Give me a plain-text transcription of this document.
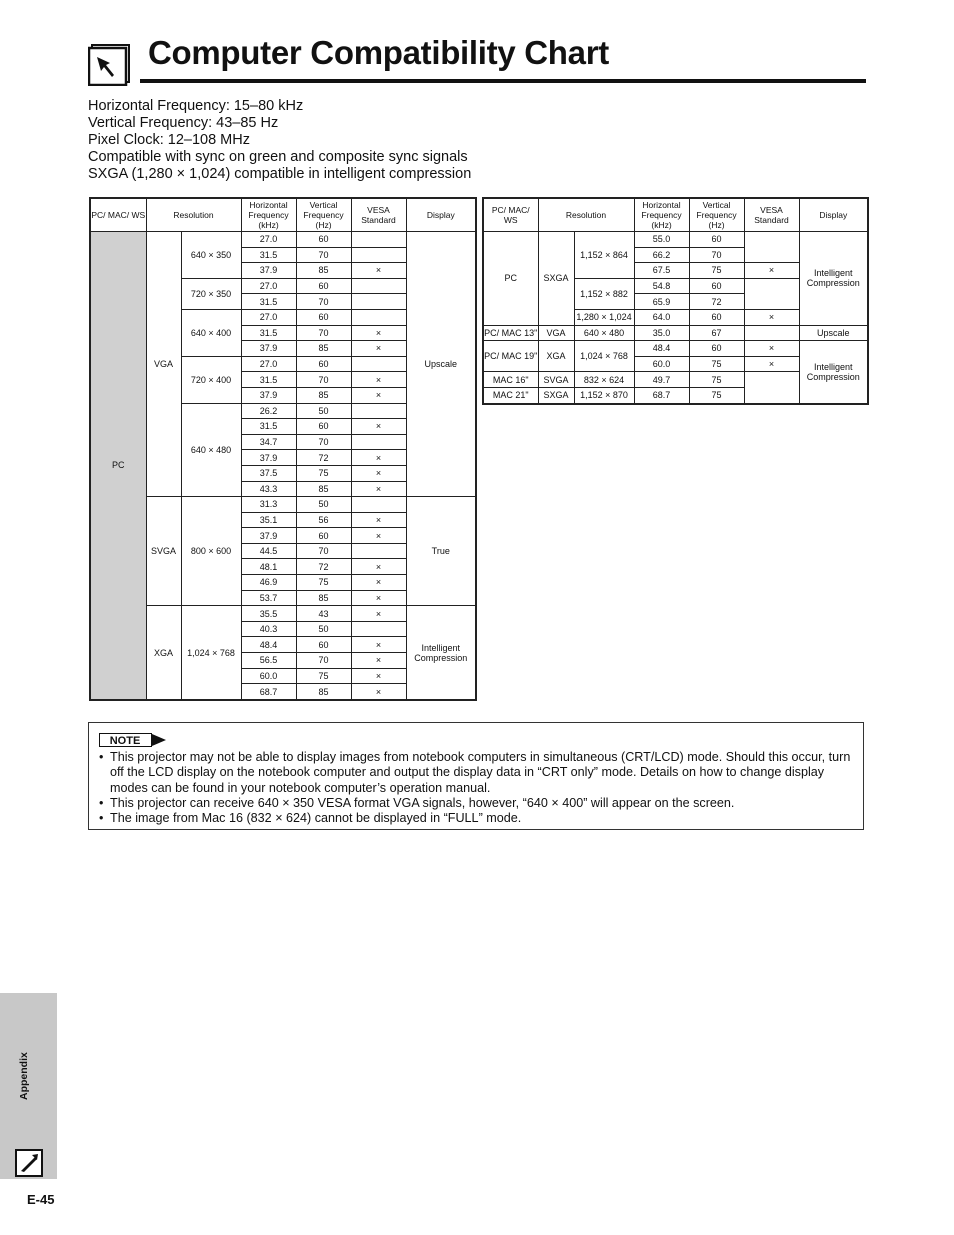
Computer Compatibility Chart
Horizontal Frequency: 15–80 kHz
Vertical Frequency: 43–85 Hz
Pixel Clock: 12–108 MHz
Compatible with sync on green and composite sync signals
SXGA (1,280 × 1,024) compatible in intelligent compression
PC/ MAC/ WS	Resolution		Horizontal Frequency (kHz)	Vertical Frequency (Hz)	VESA Standard	Display
PC	VGA	640 × 350	27.0	60		Upscale
			31.5	70		
			37.9	85	×	
		720 × 350	27.0	60		
			31.5	70		
		640 × 400	27.0	60		
			31.5	70	×	
			37.9	85	×	
		720 × 400	27.0	60		
			31.5	70	×	
			37.9	85	×	
		640 × 480	26.2	50		
			31.5	60	×	
			34.7	70		
			37.9	72	×	
			37.5	75	×	
			43.3	85	×	
	SVGA	800 × 600	31.3	50		True
			35.1	56	×	
			37.9	60	×	
			44.5	70		
			48.1	72	×	
			46.9	75	×	
			53.7	85	×	
	XGA	1,024 × 768	35.5	43	×	Intelligent Compression
			40.3	50		
			48.4	60	×	
			56.5	70	×	
			60.0	75	×	
			68.7	85	×	
PC/ MAC/ WS	Resolution		Horizontal Frequency (kHz)	Vertical Frequency (Hz)	VESA Standard	Display
PC	SXGA	1,152 × 864	55.0	60		Intelligent Compression
			66.2	70		
			67.5	75	×	
		1,152 × 882	54.8	60		
			65.9	72		
		1,280 × 1,024	64.0	60	×	
PC/ MAC 13"	VGA	640 × 480	35.0	67		Upscale
PC/ MAC 19"	XGA	1,024 × 768	48.4	60	×	Intelligent Compression
			60.0	75	×	
MAC 16"	SVGA	832 × 624	49.7	75		
MAC 21"	SXGA	1,152 × 870	68.7	75		
NOTE
• This projector may not be able to display images from notebook computers in simultaneous (CRT/LCD) mode. Should this occur, turn off the LCD display on the notebook computer and output the display data in “CRT only” mode. Details on how to change display modes can be found in your notebook computer’s operation manual.
• This projector can receive 640 × 350 VESA format VGA signals, however, “640 × 400” will appear on the screen.
• The image from Mac 16 (832 × 624) cannot be displayed in “FULL” mode.
Appendix
E-45
